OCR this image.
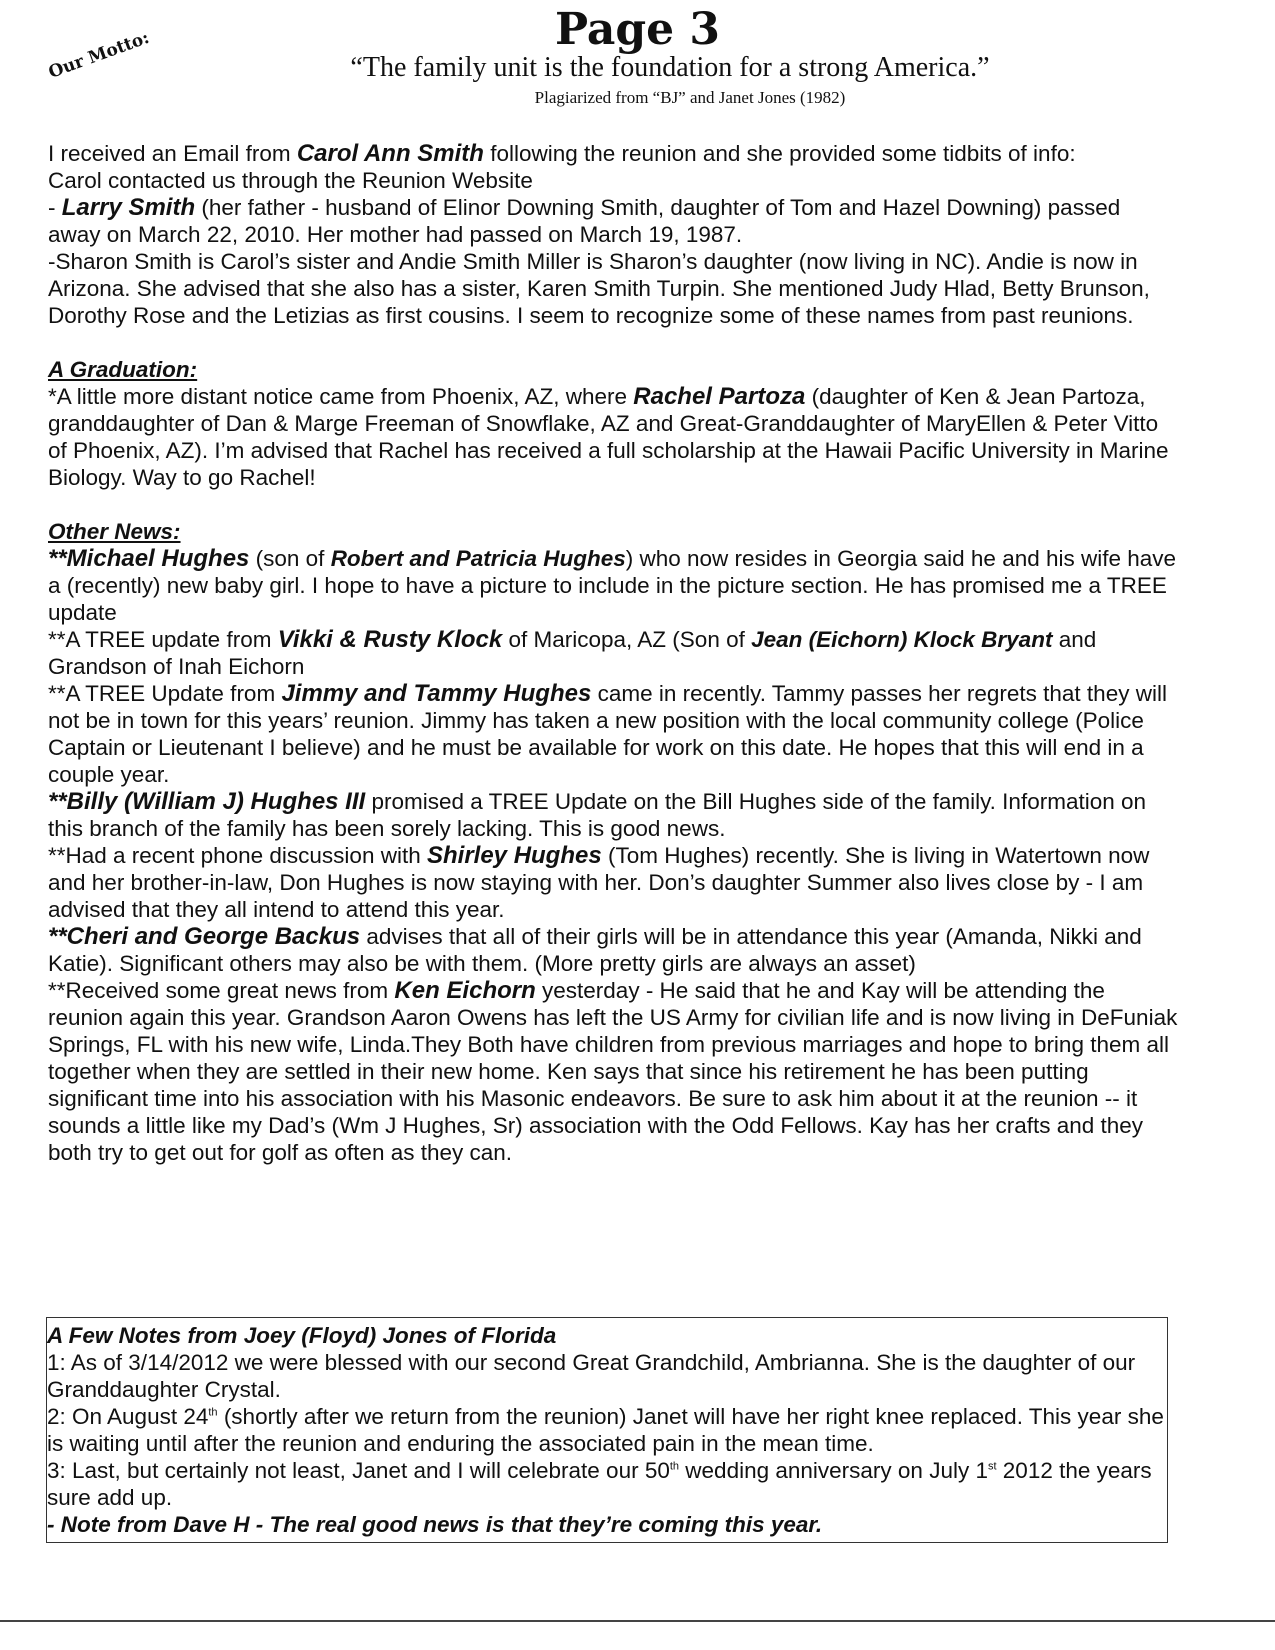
Page 3
Our Motto:	“The family unit is the foundation for a strong America.”
Plagiarized from “BJ” and Janet Jones (1982)

I received an Email from Carol Ann Smith following the reunion and she provided some tidbits of info:

Carol contacted us through the Reunion Website

- Larry Smith (her father - husband of Elinor Downing Smith, daughter of Tom and Hazel Downing) passed away on March 22, 2010. Her mother had passed on March 19, 1987.

-Sharon Smith is Carol’s sister and Andie Smith Miller is Sharon’s daughter (now living in NC). Andie is now in Arizona. She advised that she also has a sister, Karen Smith Turpin. She mentioned Judy Hlad, Betty Brunson, Dorothy Rose and the Letizias as first cousins. I seem to recognize some of these names from past reunions.

A Graduation:

*A little more distant notice came from Phoenix, AZ, where Rachel Partoza (daughter of Ken & Jean Partoza, granddaughter of Dan & Marge Freeman of Snowflake, AZ and Great-Granddaughter of MaryEllen & Peter Vitto of Phoenix, AZ). I’m advised that Rachel has received a full scholarship at the Hawaii Pacific University in Marine Biology. Way to go Rachel!

Other News:

**Michael Hughes (son of Robert and Patricia Hughes) who now resides in Georgia said he and his wife have a (recently) new baby girl. I hope to have a picture to include in the picture section. He has promised me a TREE update

**A TREE update from Vikki & Rusty Klock of Maricopa, AZ (Son of Jean (Eichorn) Klock Bryant and Grandson of Inah Eichorn

**A TREE Update from Jimmy and Tammy Hughes came in recently. Tammy passes her regrets that they will not be in town for this years’ reunion. Jimmy has taken a new position with the local community college (Police Captain or Lieutenant I believe) and he must be available for work on this date. He hopes that this will end in a couple year.

**Billy (William J) Hughes III promised a TREE Update on the Bill Hughes side of the family. Information on this branch of the family has been sorely lacking. This is good news.

**Had a recent phone discussion with Shirley Hughes (Tom Hughes) recently. She is living in Watertown now and her brother-in-law, Don Hughes is now staying with her. Don’s daughter Summer also lives close by - I am advised that they all intend to attend this year.

**Cheri and George Backus advises that all of their girls will be in attendance this year (Amanda, Nikki and Katie). Significant others may also be with them. (More pretty girls are always an asset)

**Received some great news from Ken Eichorn yesterday - He said that he and Kay will be attending the reunion again this year. Grandson Aaron Owens has left the US Army for civilian life and is now living in DeFuniak Springs, FL with his new wife, Linda.They Both have children from previous marriages and hope to bring them all together when they are settled in their new home. Ken says that since his retirement he has been putting significant time into his association with his Masonic endeavors. Be sure to ask him about it at the reunion -- it sounds a little like my Dad’s (Wm J Hughes, Sr) association with the Odd Fellows. Kay has her crafts and they both try to get out for golf as often as they can.

A Few Notes from Joey (Floyd) Jones of Florida

1: As of 3/14/2012 we were blessed with our second Great Grandchild, Ambrianna. She is the daughter of our Granddaughter Crystal.

2: On August 24th (shortly after we return from the reunion) Janet will have her right knee replaced. This year she is waiting until after the reunion and enduring the associated pain in the mean time.

3: Last, but certainly not least, Janet and I will celebrate our 50th wedding anniversary on July 1st 2012 the years sure add up.

- Note from Dave H - The real good news is that they’re coming this year.
